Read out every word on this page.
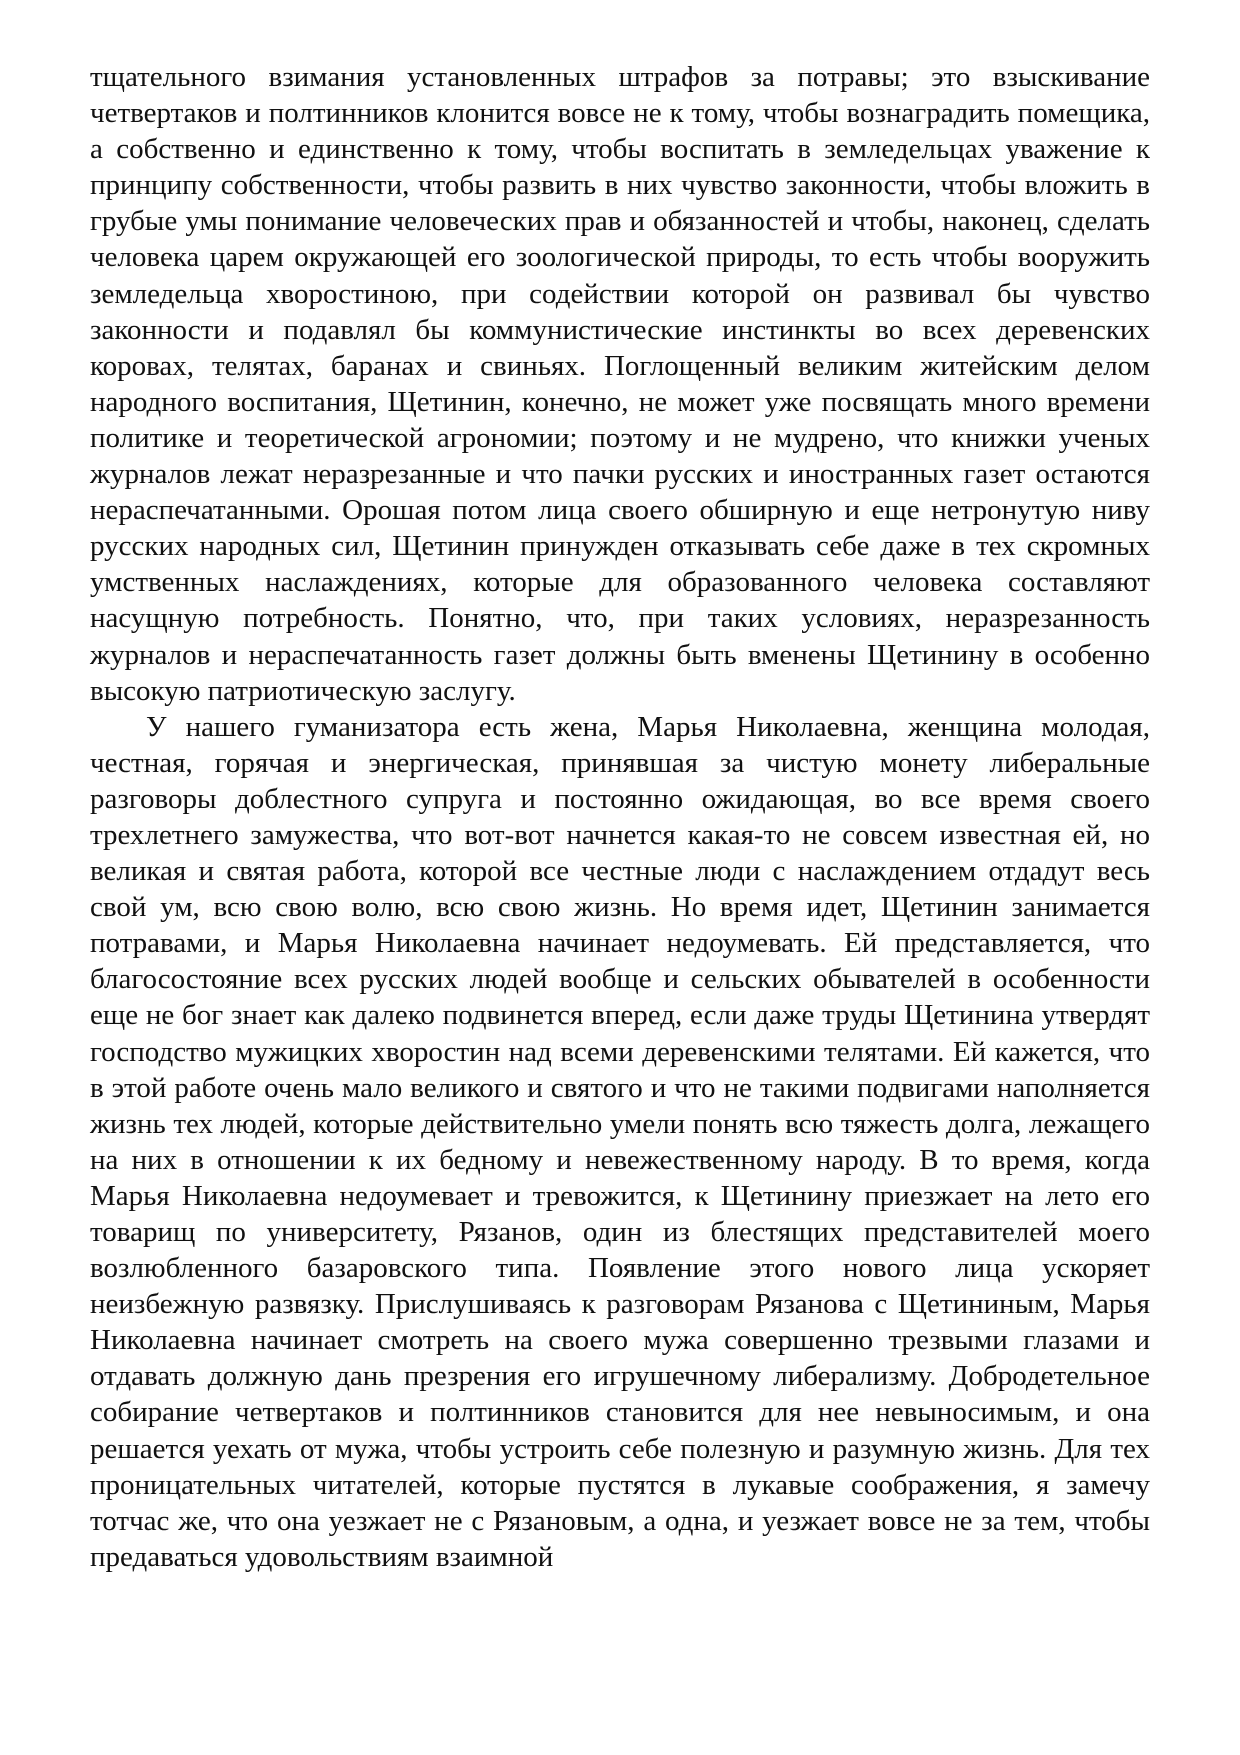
тщательного взимания установленных штрафов за потравы; это взыскивание четвертаков и полтинников клонится вовсе не к тому, чтобы вознаградить помещика, а собственно и единственно к тому, чтобы воспитать в земледельцах уважение к принципу собственности, чтобы развить в них чувство законности, чтобы вложить в грубые умы понимание человеческих прав и обязанностей и чтобы, наконец, сделать человека царем окружающей его зоологической природы, то есть чтобы вооружить земледельца хворостиною, при содействии которой он развивал бы чувство законности и подавлял бы коммунистические инстинкты во всех деревенских коровах, телятах, баранах и свиньях. Поглощенный великим житейским делом народного воспитания, Щетинин, конечно, не может уже посвящать много времени политике и теоретической агрономии; поэтому и не мудрено, что книжки ученых журналов лежат неразрезанные и что пачки русских и иностранных газет остаются нераспечатанными. Орошая потом лица своего обширную и еще нетронутую ниву русских народных сил, Щетинин принужден отказывать себе даже в тех скромных умственных наслаждениях, которые для образованного человека составляют насущную потребность. Понятно, что, при таких условиях, неразрезанность журналов и нераспечатанность газет должны быть вменены Щетинину в особенно высокую патриотическую заслугу.

У нашего гуманизатора есть жена, Марья Николаевна, женщина молодая, честная, горячая и энергическая, принявшая за чистую монету либеральные разговоры доблестного супруга и постоянно ожидающая, во все время своего трехлетнего замужества, что вот-вот начнется какая-то не совсем известная ей, но великая и святая работа, которой все честные люди с наслаждением отдадут весь свой ум, всю свою волю, всю свою жизнь. Но время идет, Щетинин занимается потравами, и Марья Николаевна начинает недоумевать. Ей представляется, что благосостояние всех русских людей вообще и сельских обывателей в особенности еще не бог знает как далеко подвинется вперед, если даже труды Щетинина утвердят господство мужицких хворостин над всеми деревенскими телятами. Ей кажется, что в этой работе очень мало великого и святого и что не такими подвигами наполняется жизнь тех людей, которые действительно умели понять всю тяжесть долга, лежащего на них в отношении к их бедному и невежественному народу. В то время, когда Марья Николаевна недоумевает и тревожится, к Щетинину приезжает на лето его товарищ по университету, Рязанов, один из блестящих представителей моего возлюбленного базаровского типа. Появление этого нового лица ускоряет неизбежную развязку. Прислушиваясь к разговорам Рязанова с Щетининым, Марья Николаевна начинает смотреть на своего мужа совершенно трезвыми глазами и отдавать должную дань презрения его игрушечному либерализму. Добродетельное собирание четвертаков и полтинников становится для нее невыносимым, и она решается уехать от мужа, чтобы устроить себе полезную и разумную жизнь. Для тех проницательных читателей, которые пустятся в лукавые соображения, я замечу тотчас же, что она уезжает не с Рязановым, а одна, и уезжает вовсе не за тем, чтобы предаваться удовольствиям взаимной
